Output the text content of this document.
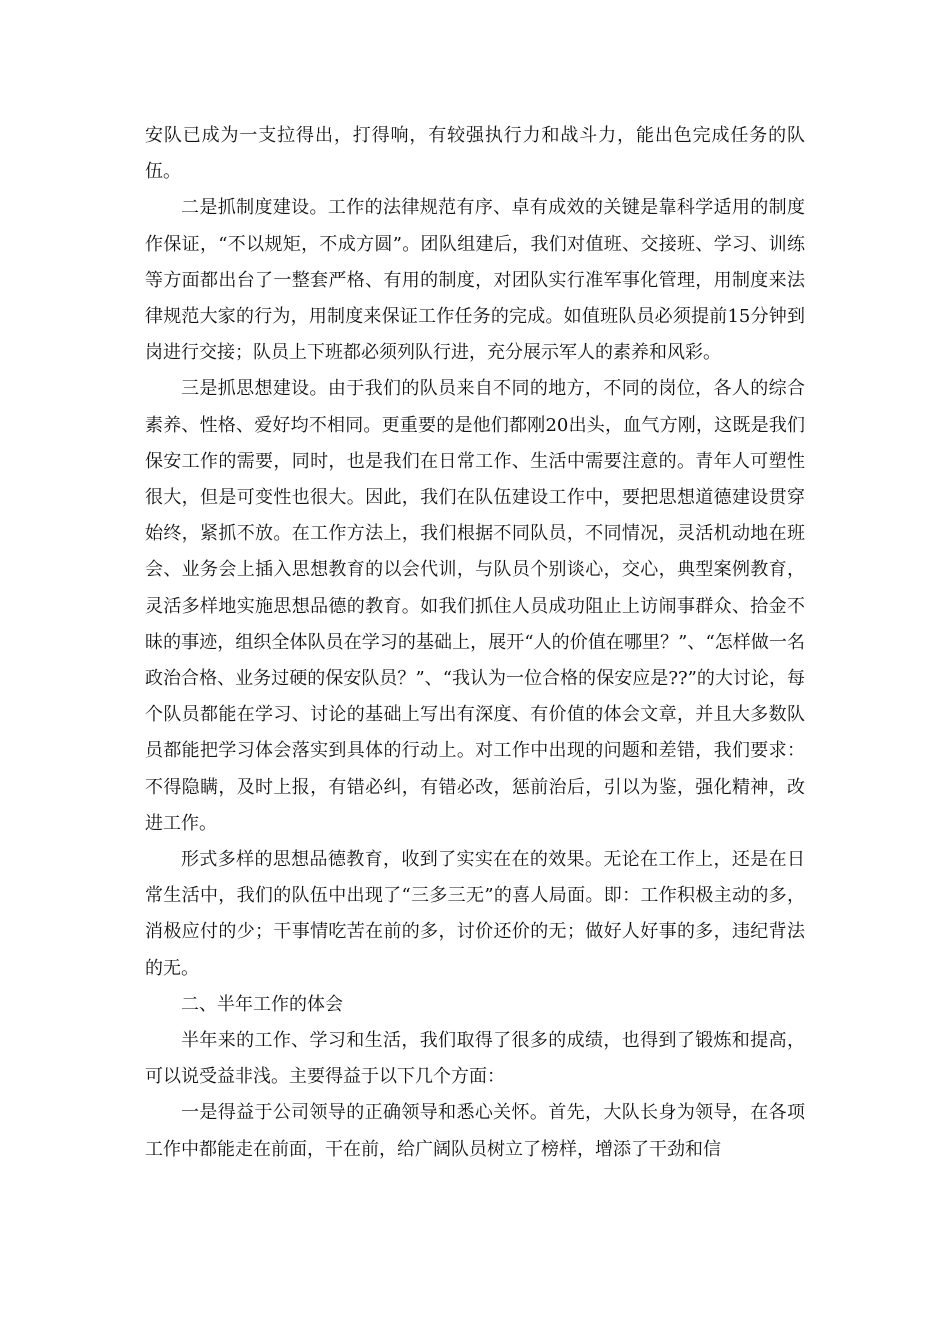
安队已成为一支拉得出，打得响，有较强执行力和战斗力，能出色完成任务的队伍。

二是抓制度建设。工作的法律规范有序、卓有成效的关键是靠科学适用的制度作保证，“不以规矩，不成方圆”。团队组建后，我们对值班、交接班、学习、训练等方面都出台了一整套严格、有用的制度，对团队实行准军事化管理，用制度来法律规范大家的行为，用制度来保证工作任务的完成。如值班队员必须提前15分钟到岗进行交接；队员上下班都必须列队行进，充分展示军人的素养和风彩。

三是抓思想建设。由于我们的队员来自不同的地方，不同的岗位，各人的综合素养、性格、爱好均不相同。更重要的是他们都刚20出头，血气方刚，这既是我们保安工作的需要，同时，也是我们在日常工作、生活中需要注意的。青年人可塑性很大，但是可变性也很大。因此，我们在队伍建设工作中，要把思想道德建设贯穿始终，紧抓不放。在工作方法上，我们根据不同队员，不同情况，灵活机动地在班会、业务会上插入思想教育的以会代训，与队员个别谈心，交心，典型案例教育，灵活多样地实施思想品德的教育。如我们抓住人员成功阻止上访闹事群众、拾金不昧的事迹，组织全体队员在学习的基础上，展开“人的价值在哪里？”、“怎样做一名政治合格、业务过硬的保安队员？”、“我认为一位合格的保安应是??”的大讨论，每个队员都能在学习、讨论的基础上写出有深度、有价值的体会文章，并且大多数队员都能把学习体会落实到具体的行动上。对工作中出现的问题和差错，我们要求：不得隐瞒，及时上报，有错必纠，有错必改，惩前治后，引以为鉴，强化精神，改进工作。

形式多样的思想品德教育，收到了实实在在的效果。无论在工作上，还是在日常生活中，我们的队伍中出现了“三多三无”的喜人局面。即：工作积极主动的多，消极应付的少；干事情吃苦在前的多，讨价还价的无；做好人好事的多，违纪背法的无。

二、半年工作的体会

半年来的工作、学习和生活，我们取得了很多的成绩，也得到了锻炼和提高，可以说受益非浅。主要得益于以下几个方面：

一是得益于公司领导的正确领导和悉心关怀。首先，大队长身为领导，在各项工作中都能走在前面，干在前，给广阔队员树立了榜样，增添了干劲和信
